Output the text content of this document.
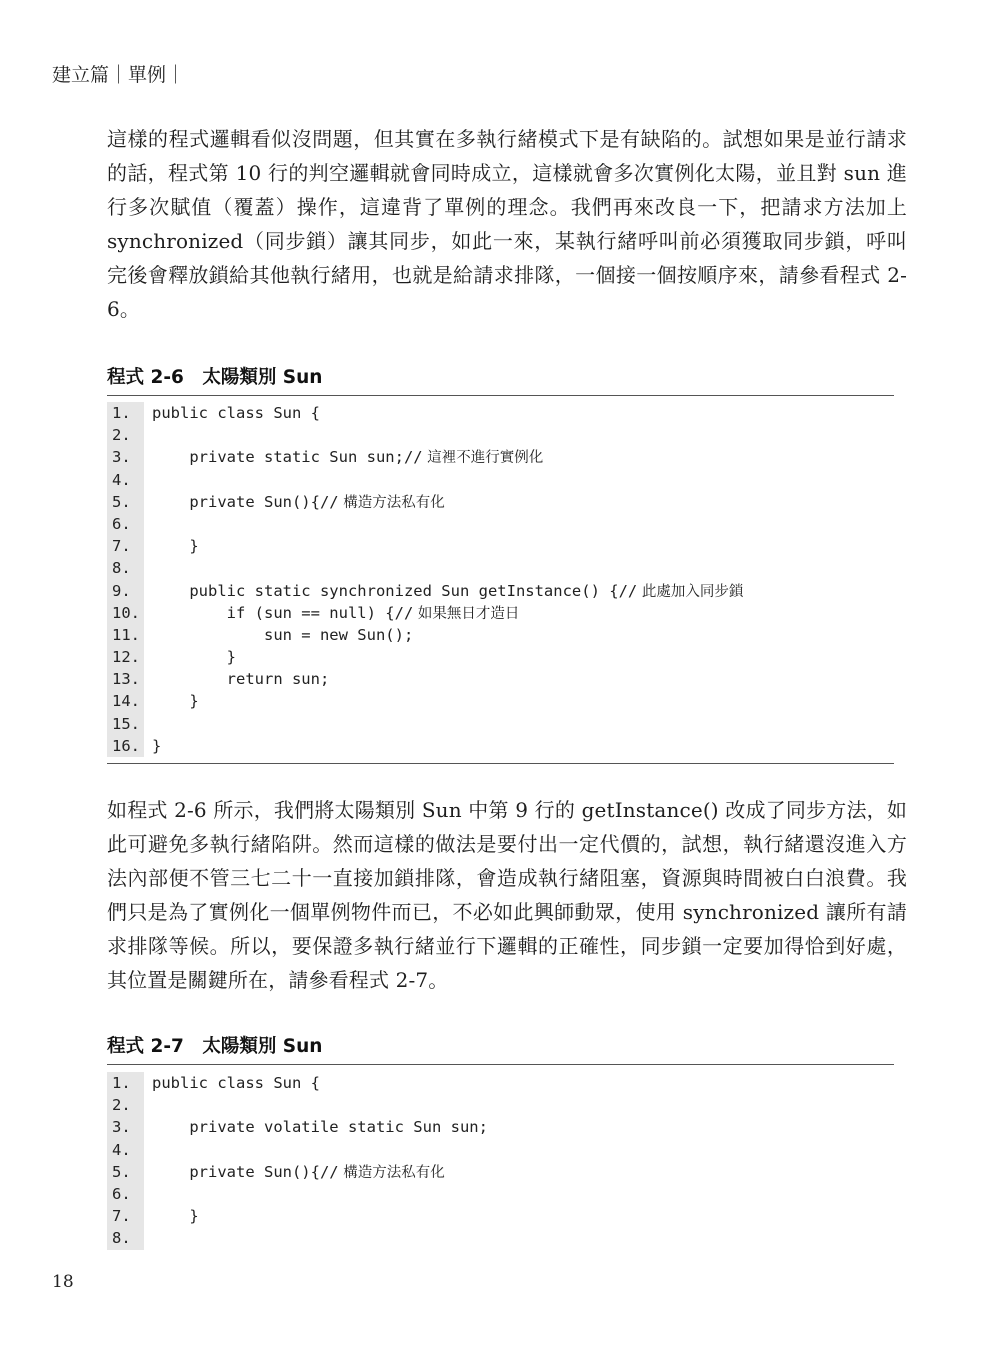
建立篇｜單例｜

這樣的程式邏輯看似沒問題，但其實在多執行緒模式下是有缺陷的。試想如果是並行請求的話，程式第 10 行的判空邏輯就會同時成立，這樣就會多次實例化太陽，並且對 sun 進行多次賦值（覆蓋）操作，這違背了單例的理念。我們再來改良一下，把請求方法加上 synchronized（同步鎖）讓其同步，如此一來，某執行緒呼叫前必須獲取同步鎖，呼叫完後會釋放鎖給其他執行緒用，也就是給請求排隊，一個接一個按順序來，請參看程式 2-6。

程式 2-6　太陽類別 Sun
1.	public class Sun {
2.
3.	private static Sun sun;// 這裡不進行實例化
4.
5.	private Sun(){// 構造方法私有化
6.
7.	}
8.
9.	public static synchronized Sun getInstance() {// 此處加入同步鎖
10. if (sun == null) {// 如果無日才造日
11. sun = new Sun();
12. }
13. return sun;
14. }
15.
16. }

如程式 2-6 所示，我們將太陽類別 Sun 中第 9 行的 getInstance() 改成了同步方法，如此可避免多執行緒陷阱。然而這樣的做法是要付出一定代價的，試想，執行緒還沒進入方法內部便不管三七二十一直接加鎖排隊，會造成執行緒阻塞，資源與時間被白白浪費。我們只是為了實例化一個單例物件而已，不必如此興師動眾，使用 synchronized 讓所有請求排隊等候。所以，要保證多執行緒並行下邏輯的正確性，同步鎖一定要加得恰到好處，其位置是關鍵所在，請參看程式 2-7。

程式 2-7　太陽類別 Sun
1.	public class Sun {
2.
3.	private volatile static Sun sun;
4.
5.	private Sun(){// 構造方法私有化
6.
7.	}
8.
18
